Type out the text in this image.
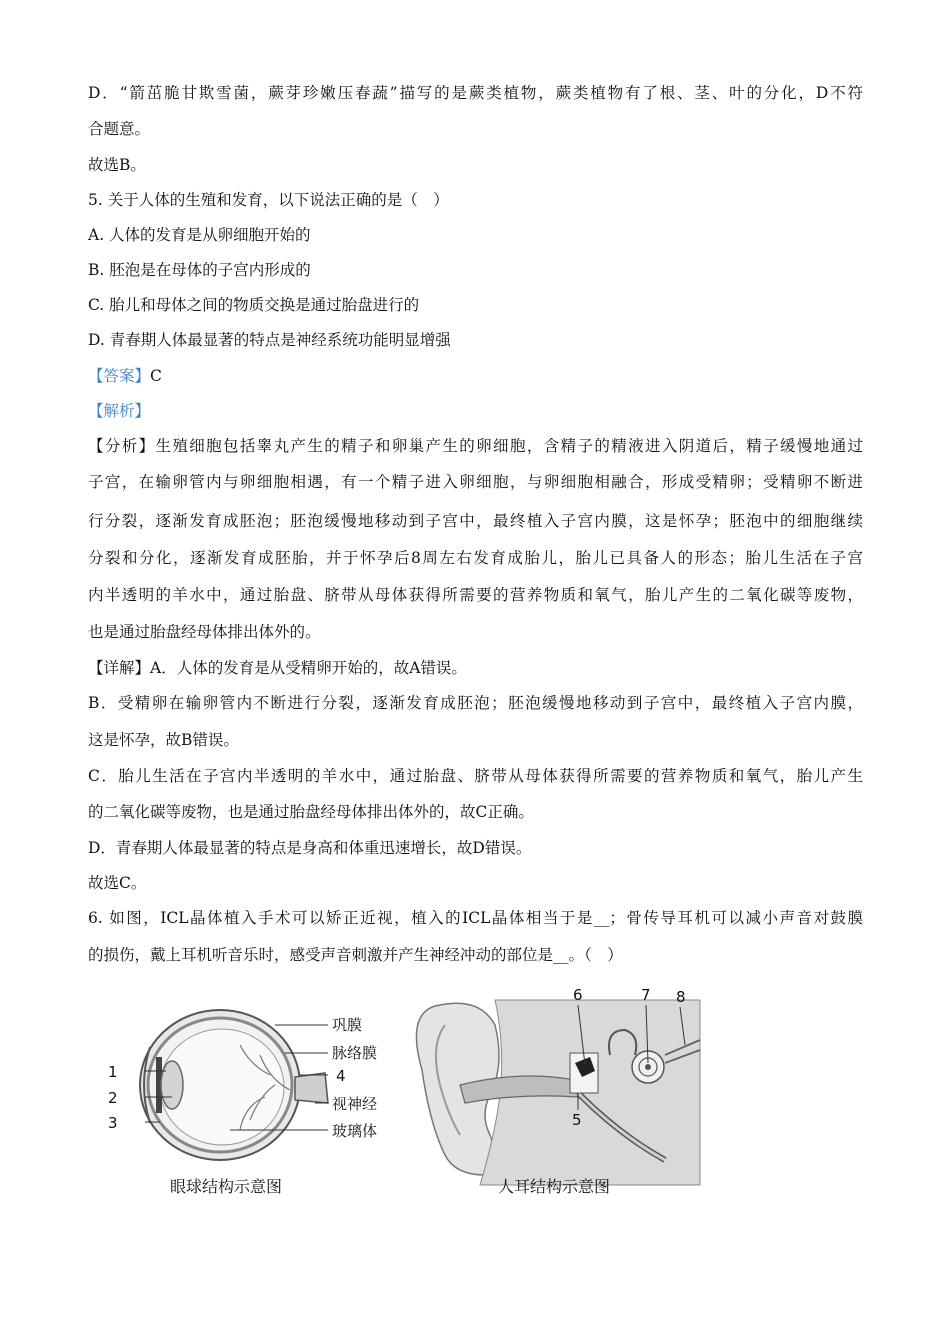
D．“箭茁脆甘欺雪菌，蕨芽珍嫩压春蔬”描写的是蕨类植物，蕨类植物有了根、茎、叶的分化，D不符
合题意。
故选B。
5. 关于人体的生殖和发育，以下说法正确的是（　）
A. 人体的发育是从卵细胞开始的
B. 胚泡是在母体的子宫内形成的
C. 胎儿和母体之间的物质交换是通过胎盘进行的
D. 青春期人体最显著的特点是神经系统功能明显增强
【答案】C
【解析】
【分析】生殖细胞包括睾丸产生的精子和卵巢产生的卵细胞，含精子的精液进入阴道后，精子缓慢地通过
子宫，在输卵管内与卵细胞相遇，有一个精子进入卵细胞，与卵细胞相融合，形成受精卵；受精卵不断进
行分裂，逐渐发育成胚泡；胚泡缓慢地移动到子宫中，最终植入子宫内膜，这是怀孕；胚泡中的细胞继续
分裂和分化，逐渐发育成胚胎，并于怀孕后8周左右发育成胎儿，胎儿已具备人的形态；胎儿生活在子宫
内半透明的羊水中，通过胎盘、脐带从母体获得所需要的营养物质和氧气，胎儿产生的二氧化碳等废物，
也是通过胎盘经母体排出体外的。
【详解】A．人体的发育是从受精卵开始的，故A错误。
B．受精卵在输卵管内不断进行分裂，逐渐发育成胚泡；胚泡缓慢地移动到子宫中，最终植入子宫内膜，
这是怀孕，故B错误。
C．胎儿生活在子宫内半透明的羊水中，通过胎盘、脐带从母体获得所需要的营养物质和氧气，胎儿产生
的二氧化碳等废物，也是通过胎盘经母体排出体外的，故C正确。
D．青春期人体最显著的特点是身高和体重迅速增长，故D错误。
故选C。
6. 如图，ICL晶体植入手术可以矫正近视，植入的ICL晶体相当于是__；骨传导耳机可以减小声音对鼓膜
的损伤，戴上耳机听音乐时，感受声音刺激并产生神经冲动的部位是__。（　）
1
2
3
巩膜
脉络膜
4
视神经
玻璃体
眼球结构示意图
6	7 8
5
人耳结构示意图
